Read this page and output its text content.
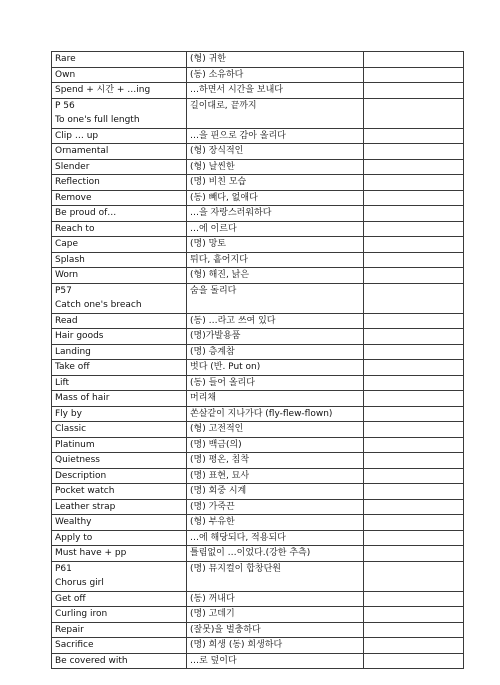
Rare	(형) 귀한	
Own	(동) 소유하다	
Spend + 시간 + …ing	…하면서 시간을 보내다	

P 56
To one's full length	길이대로, 끝까지	
Clip … up	…을 핀으로 감아 올리다	
Ornamental	(형) 장식적인	
Slender	(형) 날씬한	
Reflection	(명) 비친 모습	
Remove	(동) 빼다, 없애다	
Be proud of…	…을 자랑스러워하다	
Reach to	…에 이르다	
Cape	(명) 망토	
Splash	튀다, 흩어지다	
Worn	(형) 해진, 낡은	

P57
Catch one's breach	숨을 돌리다	
Read	(동) …라고 쓰여 있다	
Hair goods	(명)가발용품	
Landing	(명) 층계참	
Take off	벗다 (반. Put on)	
Lift	(동) 들어 올리다	
Mass of hair	머리채	
Fly by	쏜살같이 지나가다 (fly-flew-flown)	
Classic	(형) 고전적인	
Platinum	(명) 백금(의)	
Quietness	(명) 평온, 침착	
Description	(명) 표현, 묘사	
Pocket watch	(명) 회중 시계	
Leather strap	(명) 가죽끈	
Wealthy	(형) 부유한	
Apply to	…에 해당되다, 적용되다	
Must have + pp	틀림없이 …이었다.(강한 추측)	

P61
Chorus girl	(명) 뮤지컬이 합창단원	
Get off	(동) 꺼내다	
Curling iron	(명) 고데기	
Repair	(잘못)을 벌충하다	
Sacrifice	(명) 희생 (동) 희생하다	
Be covered with	…로 덮이다	
